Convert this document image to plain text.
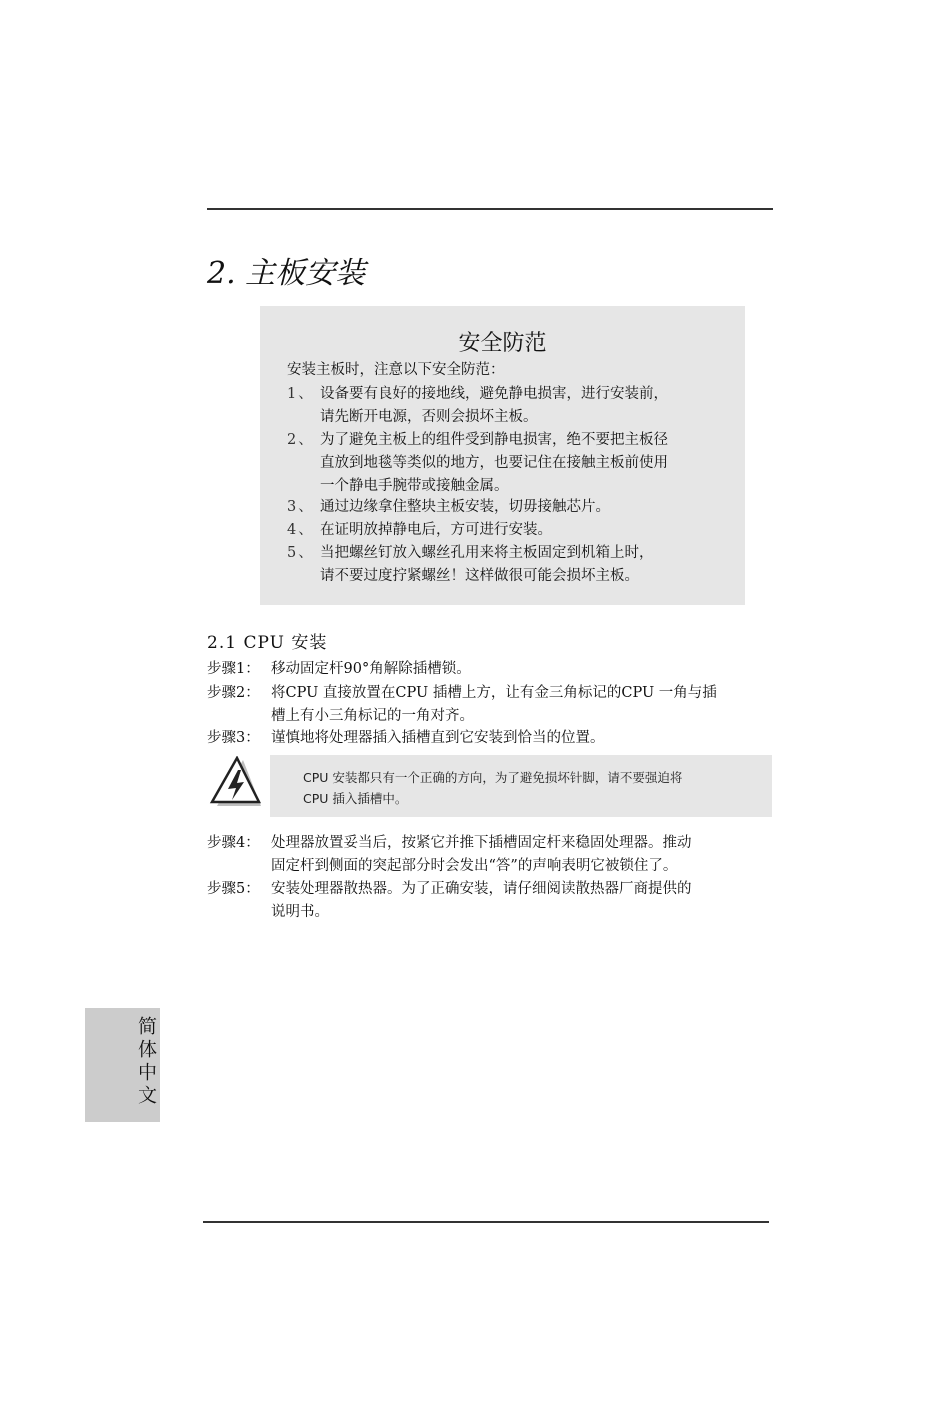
2. 主板安装
安全防范
安装主板时，注意以下安全防范：
1、 设备要有良好的接地线，避免静电损害，进行安装前，
请先断开电源，否则会损坏主板。
2、 为了避免主板上的组件受到静电损害，绝不要把主板径
直放到地毯等类似的地方，也要记住在接触主板前使用
一个静电手腕带或接触金属。
3、 通过边缘拿住整块主板安装，切毋接触芯片。
4、 在证明放掉静电后，方可进行安装。
5、 当把螺丝钉放入螺丝孔用来将主板固定到机箱上时，
请不要过度拧紧螺丝！这样做很可能会损坏主板。
2.1 CPU 安装
步骤1： 移动固定杆90°角解除插槽锁。
步骤2： 将CPU 直接放置在CPU 插槽上方，让有金三角标记的CPU 一角与插
槽上有小三角标记的一角对齐。
步骤3： 谨慎地将处理器插入插槽直到它安装到恰当的位置。
CPU 安装都只有一个正确的方向，为了避免损坏针脚，请不要强迫将
CPU 插入插槽中。
步骤4： 处理器放置妥当后，按紧它并推下插槽固定杆来稳固处理器。推动
固定杆到侧面的突起部分时会发出“答”的声响表明它被锁住了。
步骤5： 安装处理器散热器。为了正确安装，请仔细阅读散热器厂商提供的
说明书。
简体中文
